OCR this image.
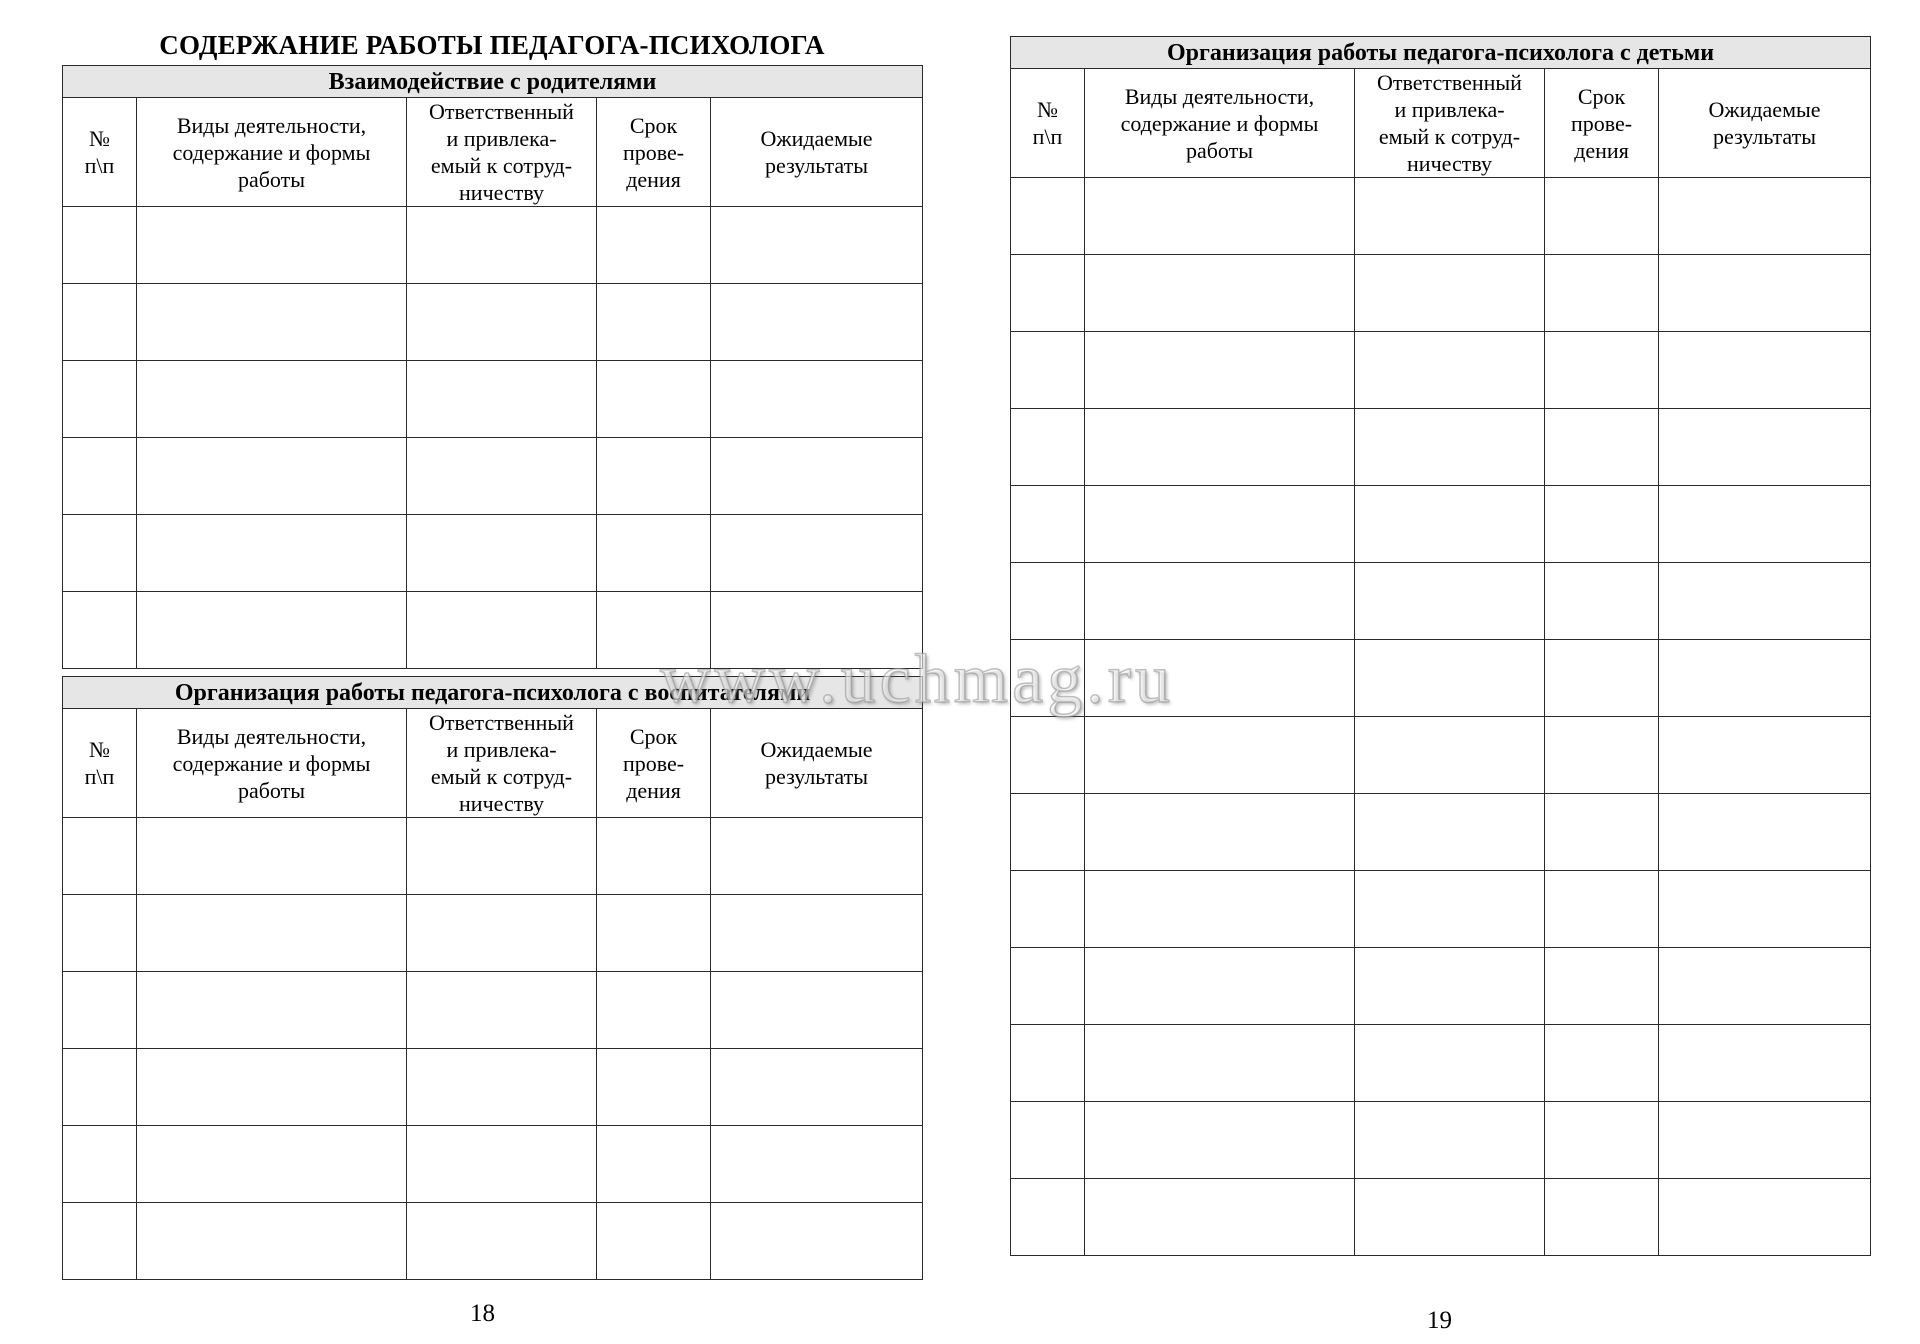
СОДЕРЖАНИЕ РАБОТЫ ПЕДАГОГА-ПСИХОЛОГА
Взаимодействие с родителями				
№
п\п	Виды деятельности,
содержание и формы
работы	Ответственный
и привлека-
емый к сотруд-
ничеству	Срок
прове-
дения	Ожидаемые
результаты

Организация работы педагога-психолога с воспитателями				
№
п\п	Виды деятельности,
содержание и формы
работы	Ответственный
и привлека-
емый к сотруд-
ничеству	Срок
прове-
дения	Ожидаемые
результаты

18
Организация работы педагога-психолога с детьми				
№
п\п	Виды деятельности,
содержание и формы
работы	Ответственный
и привлека-
емый к сотруд-
ничеству	Срок
прове-
дения	Ожидаемые
результаты

19
www.uchmag.ru
